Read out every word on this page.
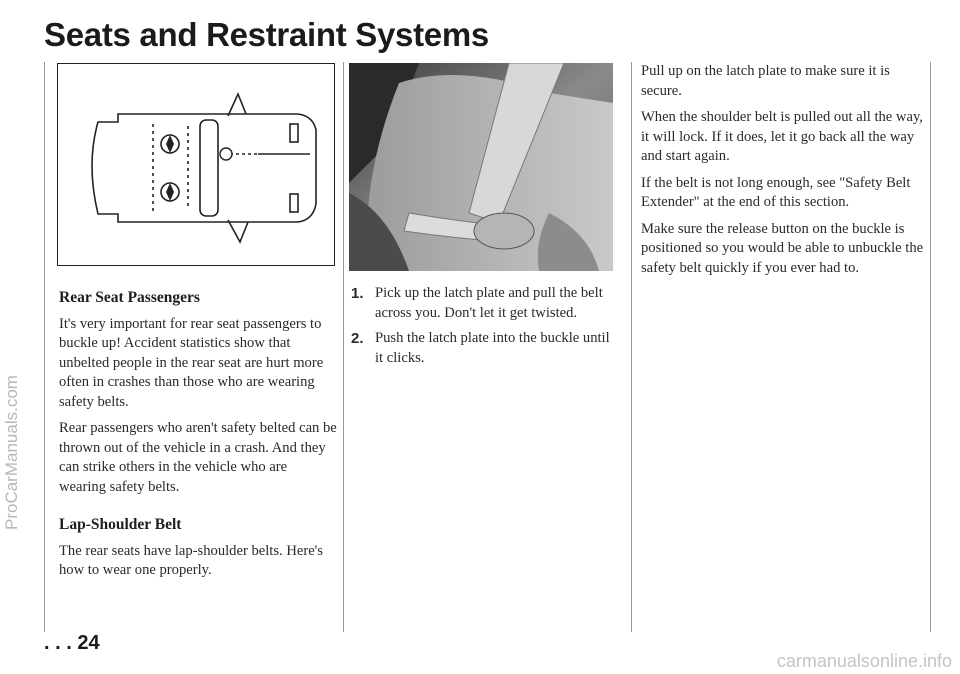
Seats and Restraint Systems
ProCarManuals.com
carmanualsonline.info
Rear Seat Passengers

It's very important for rear seat passengers to buckle up! Accident statistics show that unbelted people in the rear seat are hurt more often in crashes than those who are wearing safety belts.

Rear passengers who aren't safety belted can be thrown out of the vehicle in a crash. And they can strike others in the vehicle who are wearing safety belts.

Lap-Shoulder Belt

The rear seats have lap-shoulder belts. Here's how to wear one properly.

1. Pick up the latch plate and pull the belt across you. Don't let it get twisted.
2. Push the latch plate into the buckle until it clicks.

Pull up on the latch plate to make sure it is secure.

When the shoulder belt is pulled out all the way, it will lock. If it does, let it go back all the way and start again.

If the belt is not long enough, see "Safety Belt Extender" at the end of this section.

Make sure the release button on the buckle is positioned so you would be able to unbuckle the safety belt quickly if you ever had to.

. . . 24
